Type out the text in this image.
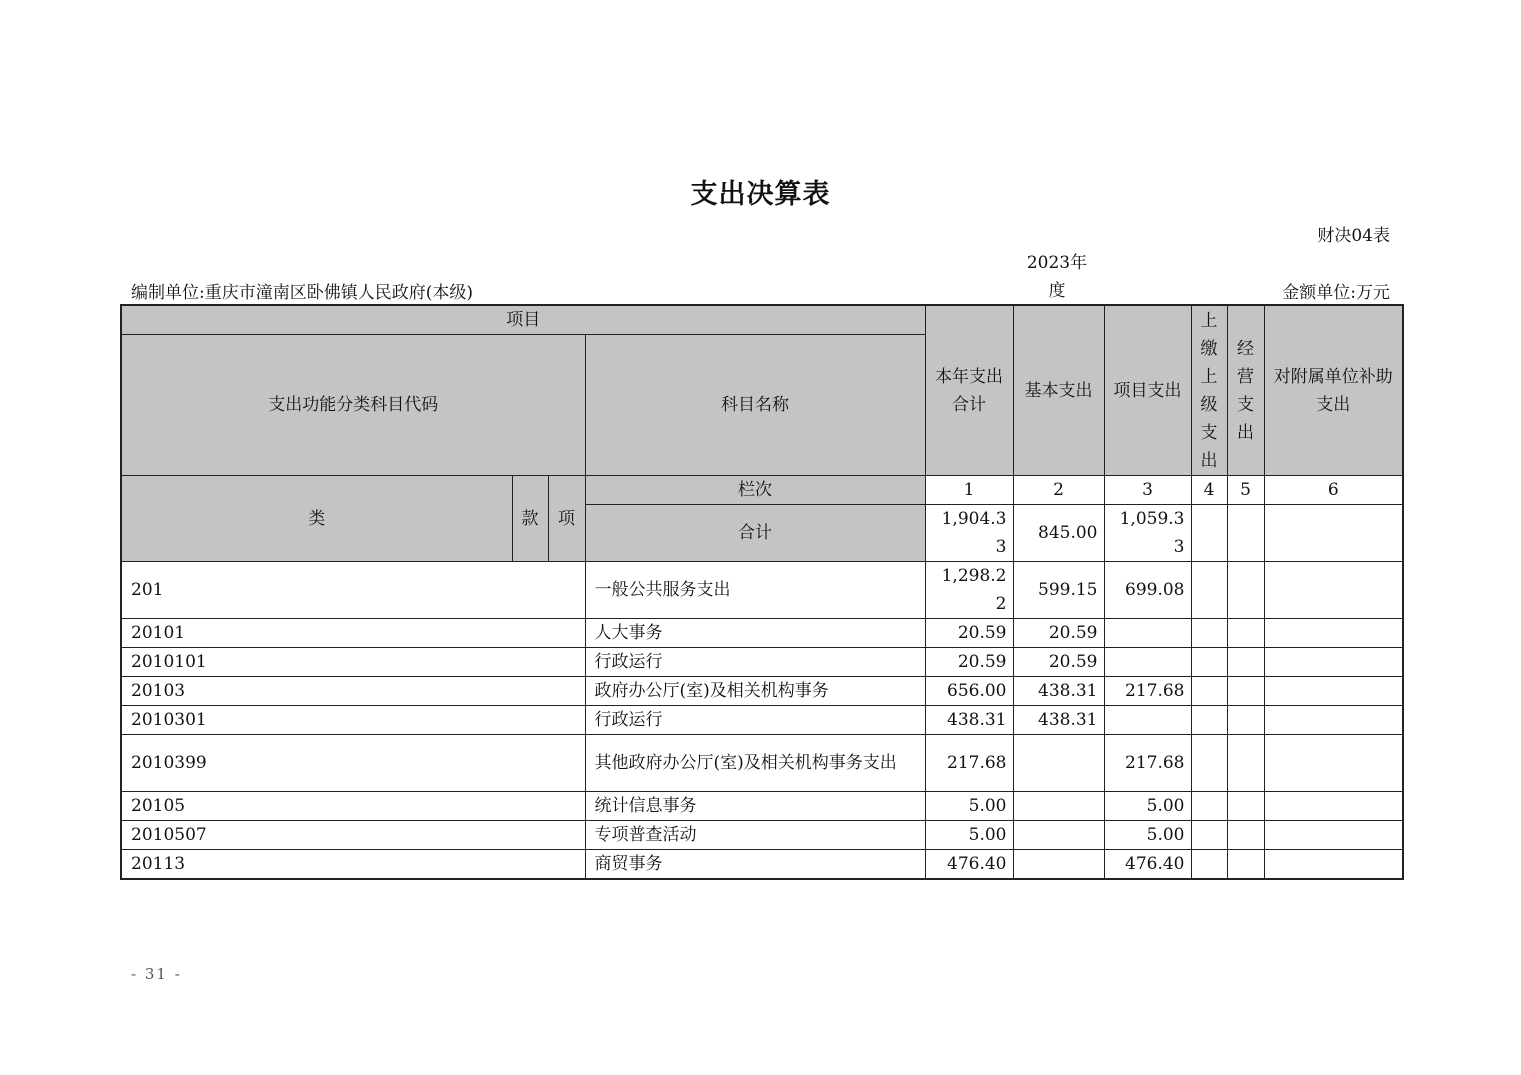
支出决算表
财决04表
编制单位:重庆市潼南区卧佛镇人民政府(本级)
2023年度	金额单位:万元
项目				本年支出合计	基本支出	项目支出	上缴上级支出	经营支出	对附属单位补助支出
支出功能分类科目代码			科目名称						
类	款	项	栏次	1	2	3	4	5	6
			合计	1,904.33	845.00	1,059.33			
201			一般公共服务支出	1,298.22	599.15	699.08			
20101			人大事务	20.59	20.59				
2010101			行政运行	20.59	20.59				
20103			政府办公厅(室)及相关机构事务	656.00	438.31	217.68			
2010301			行政运行	438.31	438.31				
2010399			其他政府办公厅(室)及相关机构事务支出	217.68		217.68			
20105			统计信息事务	5.00		5.00			
2010507			专项普查活动	5.00		5.00			
20113			商贸事务	476.40		476.40			
- 31 -
